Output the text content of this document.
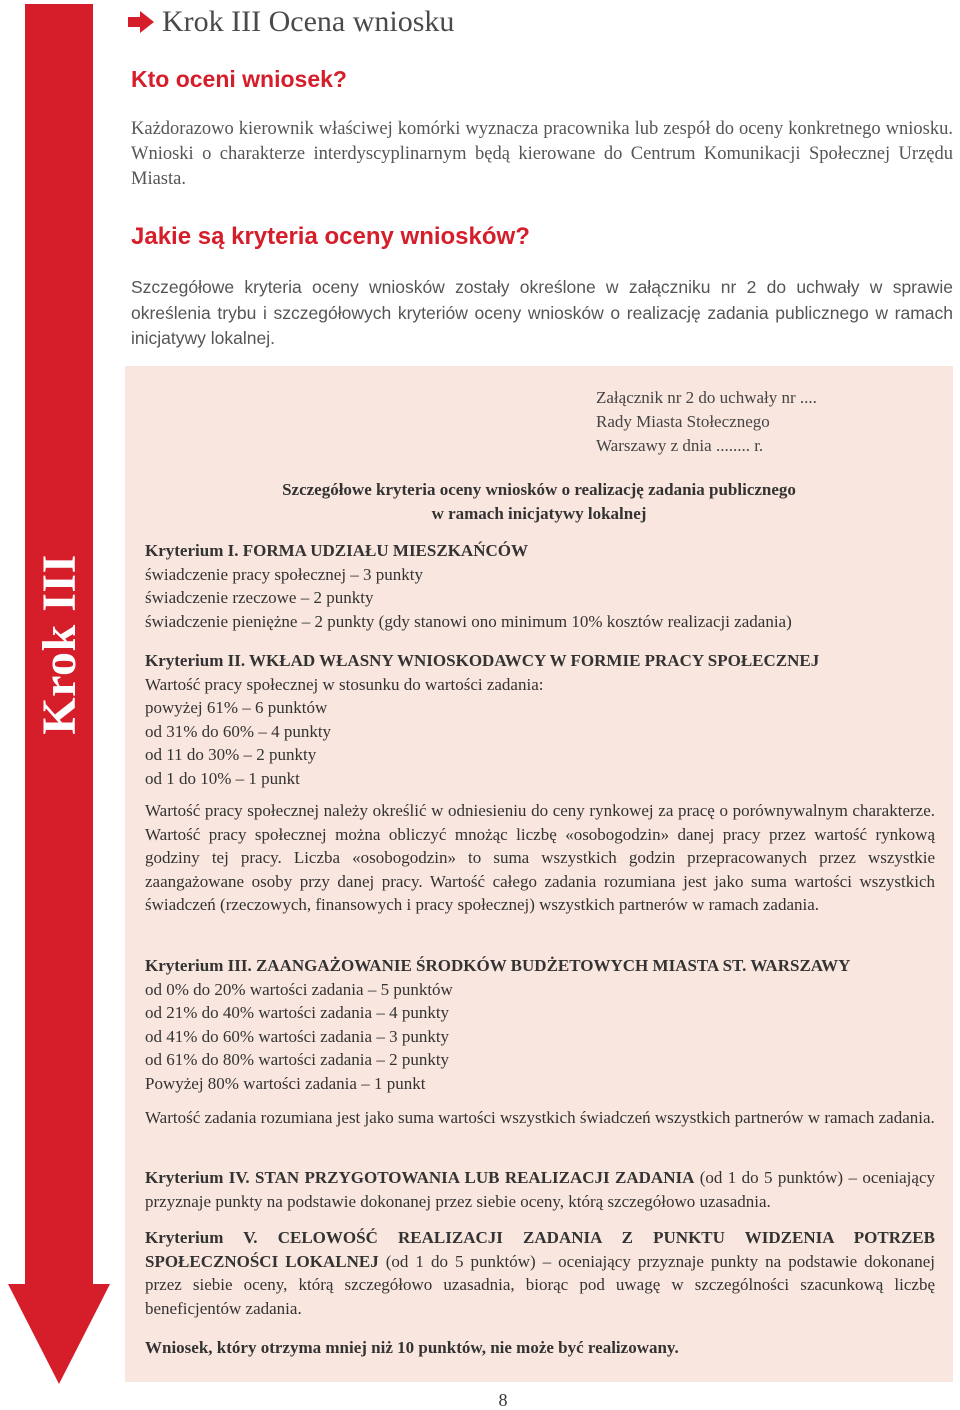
Krok III
Krok III Ocena wniosku
Kto oceni wniosek?
Każdorazowo kierownik właściwej komórki wyznacza pracownika lub zespół do oceny konkretnego wniosku. Wnioski o charakterze interdyscyplinarnym będą kierowane do Centrum Komunikacji Społecznej Urzędu Miasta.
Jakie są kryteria oceny wniosków?
Szczegółowe kryteria oceny wniosków zostały określone w załączniku nr 2 do uchwały w sprawie określenia trybu i szczegółowych kryteriów oceny wniosków o realizację zadania publicznego w ramach inicjatywy lokalnej.
Załącznik nr 2 do uchwały nr ....
Rady Miasta Stołecznego
Warszawy z dnia ........ r.
Szczegółowe kryteria oceny wniosków o realizację zadania publicznego
w ramach inicjatywy lokalnej
Kryterium I. FORMA UDZIAŁU MIESZKAŃCÓW
świadczenie pracy społecznej – 3 punkty
świadczenie rzeczowe – 2 punkty
świadczenie pieniężne – 2 punkty (gdy stanowi ono minimum 10% kosztów realizacji zadania)
Kryterium II. WKŁAD WŁASNY WNIOSKODAWCY W FORMIE PRACY SPOŁECZNEJ
Wartość pracy społecznej w stosunku do wartości zadania:
powyżej 61% – 6 punktów
od 31% do 60% – 4 punkty
od 11 do 30% – 2 punkty
od 1 do 10% – 1 punkt
Wartość pracy społecznej należy określić w odniesieniu do ceny rynkowej za pracę o porównywalnym charakterze. Wartość pracy społecznej można obliczyć mnożąc liczbę «osobogodzin» danej pracy przez wartość rynkową godziny tej pracy. Liczba «osobogodzin» to suma wszystkich godzin przepracowanych przez wszystkie zaangażowane osoby przy danej pracy. Wartość całego zadania rozumiana jest jako suma wartości wszystkich świadczeń (rzeczowych, finansowych i pracy społecznej) wszystkich partnerów w ramach zadania.
Kryterium III. ZAANGAŻOWANIE ŚRODKÓW BUDŻETOWYCH MIASTA ST. WARSZAWY
od 0% do 20% wartości zadania – 5 punktów
od 21% do 40% wartości zadania – 4 punkty
od 41% do 60% wartości zadania – 3 punkty
od 61% do 80% wartości zadania – 2 punkty
Powyżej 80% wartości zadania – 1 punkt
Wartość zadania rozumiana jest jako suma wartości wszystkich świadczeń wszystkich partnerów w ramach zadania.
Kryterium IV. STAN PRZYGOTOWANIA LUB REALIZACJI ZADANIA (od 1 do 5 punktów) – oceniający przyznaje punkty na podstawie dokonanej przez siebie oceny, którą szczegółowo uzasadnia.
Kryterium V. CELOWOŚĆ REALIZACJI ZADANIA Z PUNKTU WIDZENIA POTRZEB SPOŁECZNOŚCI LOKALNEJ (od 1 do 5 punktów) – oceniający przyznaje punkty na podstawie dokonanej przez siebie oceny, którą szczegółowo uzasadnia, biorąc pod uwagę w szczególności szacunkową liczbę beneficjentów zadania.
Wniosek, który otrzyma mniej niż 10 punktów, nie może być realizowany.
8
